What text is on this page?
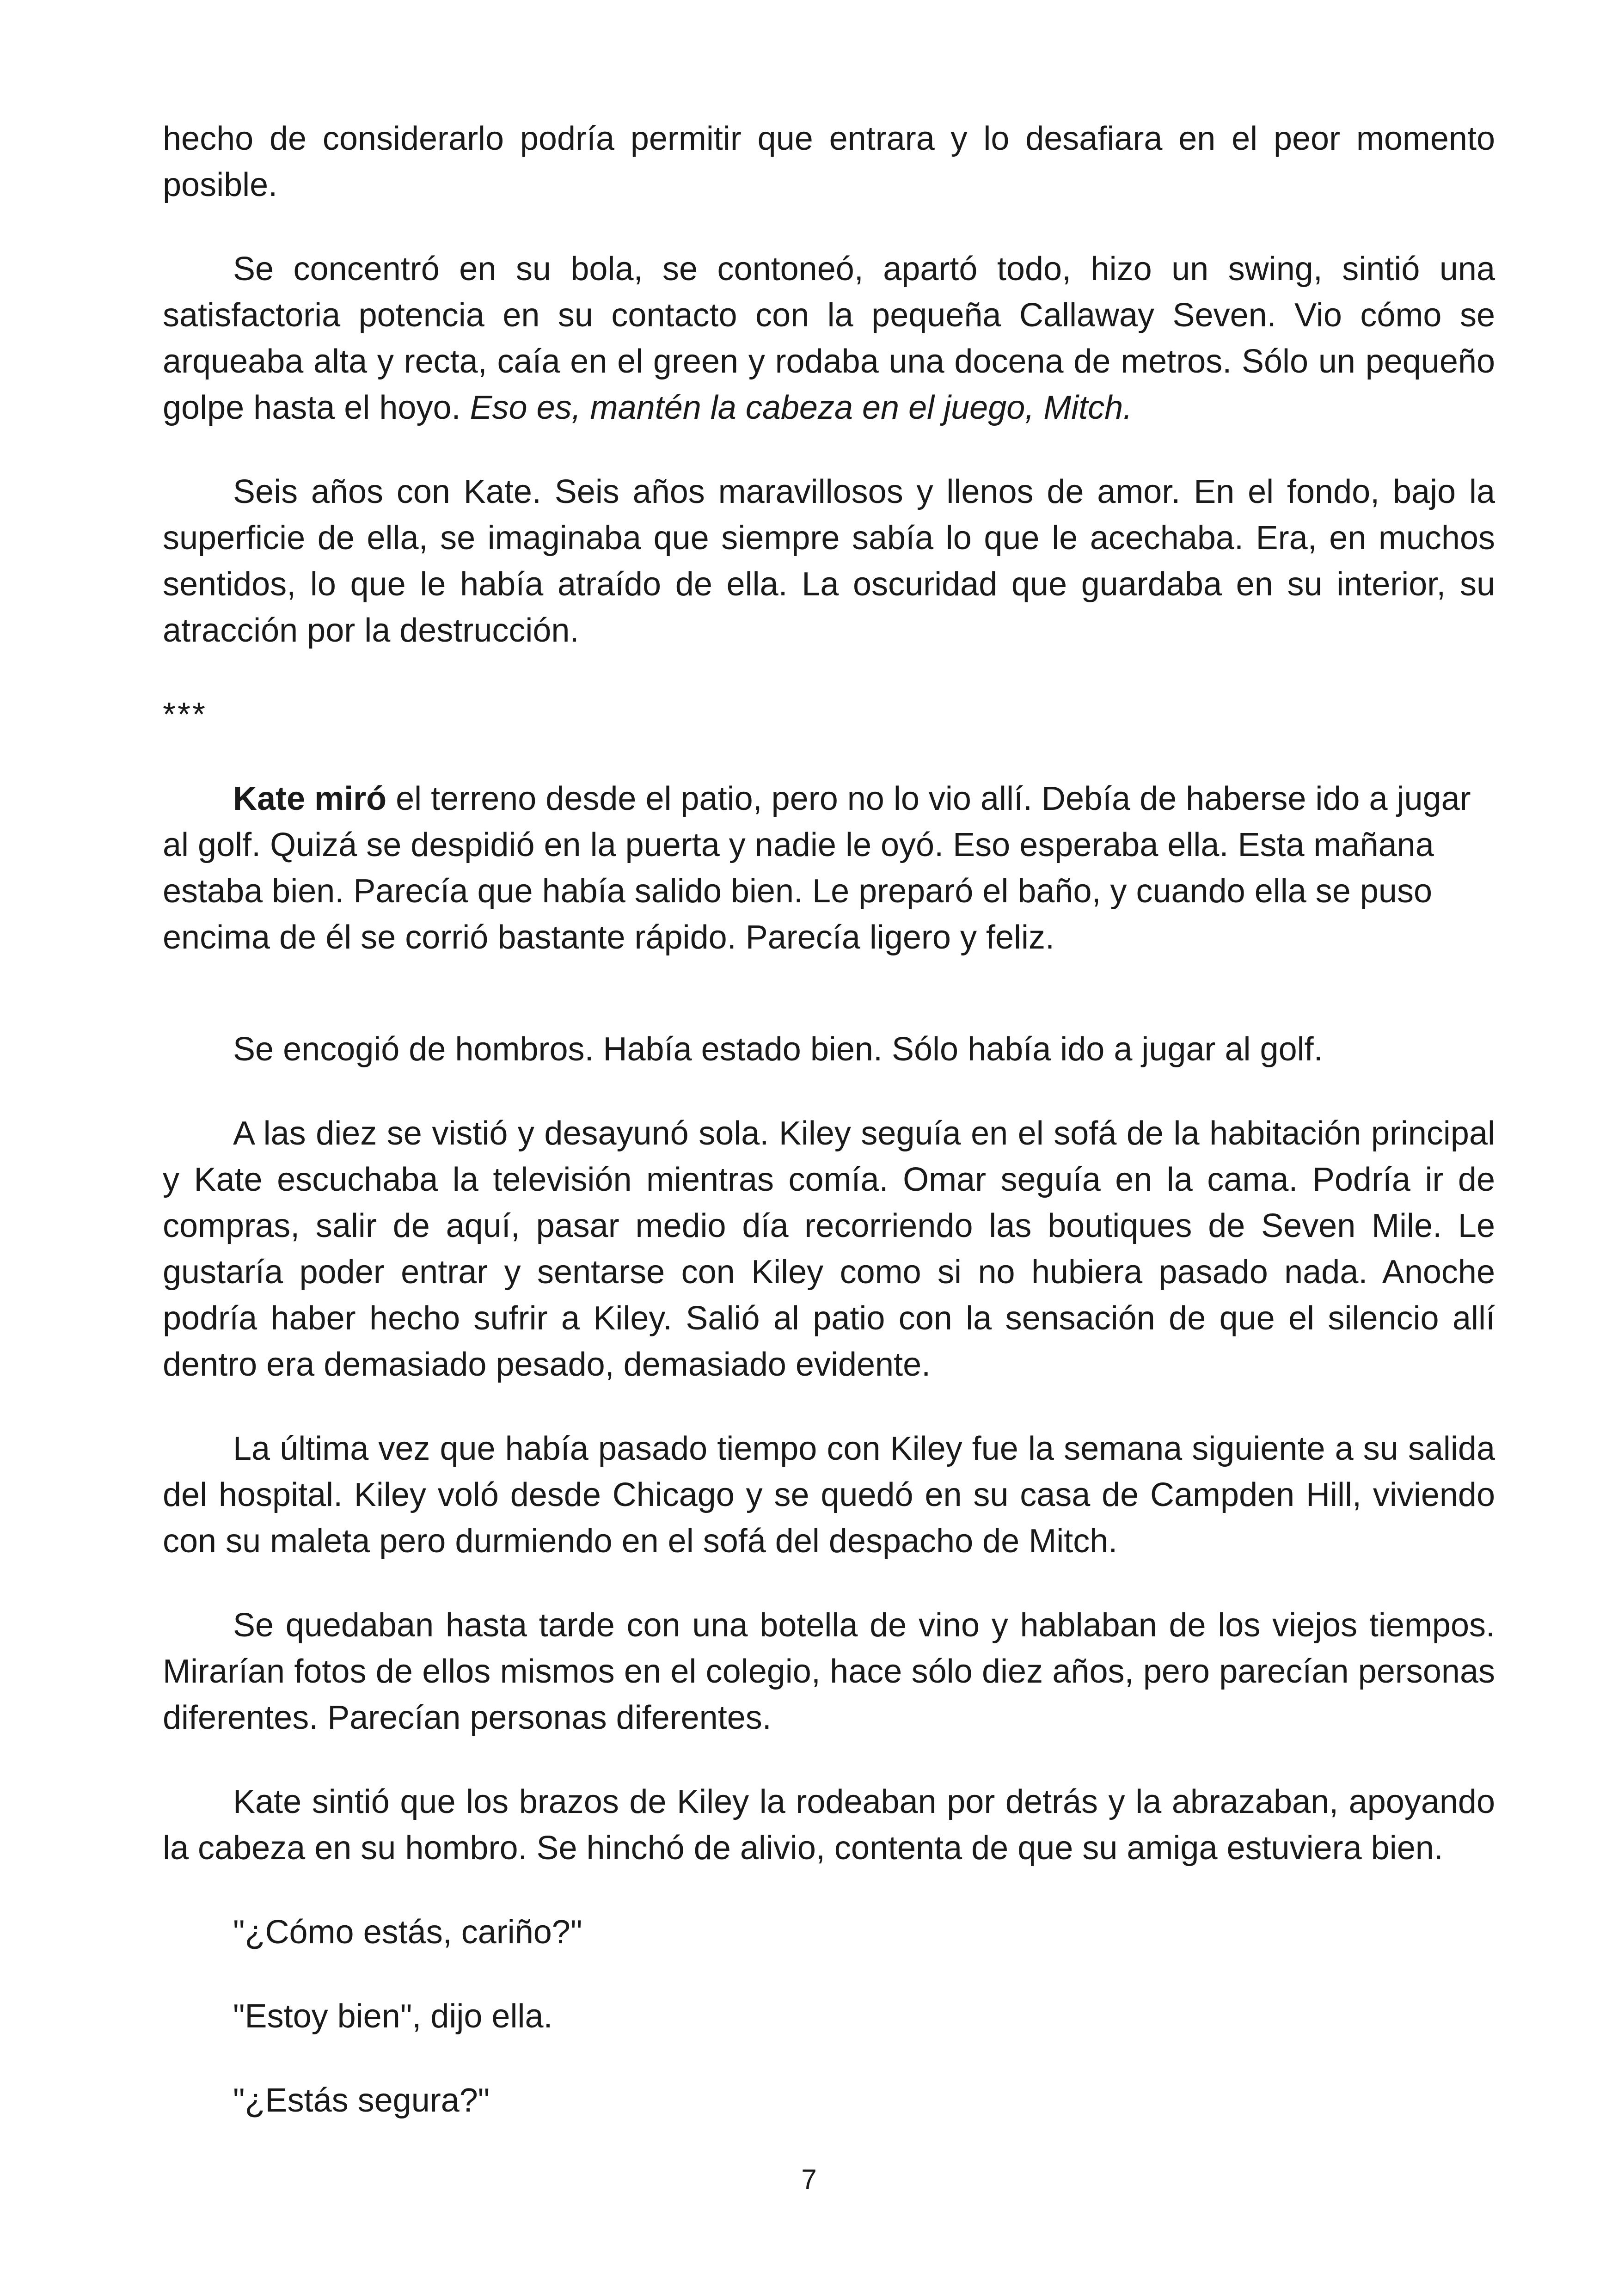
hecho de considerarlo podría permitir que entrara y lo desafiara en el peor momento posible.

Se concentró en su bola, se contoneó, apartó todo, hizo un swing, sintió una satisfactoria potencia en su contacto con la pequeña Callaway Seven. Vio cómo se arqueaba alta y recta, caía en el green y rodaba una docena de metros. Sólo un pequeño golpe hasta el hoyo. Eso es, mantén la cabeza en el juego, Mitch.

Seis años con Kate. Seis años maravillosos y llenos de amor. En el fondo, bajo la superficie de ella, se imaginaba que siempre sabía lo que le acechaba. Era, en muchos sentidos, lo que le había atraído de ella. La oscuridad que guardaba en su interior, su atracción por la destrucción.

***

Kate miró el terreno desde el patio, pero no lo vio allí. Debía de haberse ido a jugar al golf. Quizá se despidió en la puerta y nadie le oyó. Eso esperaba ella. Esta mañana estaba bien. Parecía que había salido bien. Le preparó el baño, y cuando ella se puso encima de él se corrió bastante rápido. Parecía ligero y feliz.

Se encogió de hombros. Había estado bien. Sólo había ido a jugar al golf.

A las diez se vistió y desayunó sola. Kiley seguía en el sofá de la habitación principal y Kate escuchaba la televisión mientras comía. Omar seguía en la cama. Podría ir de compras, salir de aquí, pasar medio día recorriendo las boutiques de Seven Mile. Le gustaría poder entrar y sentarse con Kiley como si no hubiera pasado nada. Anoche podría haber hecho sufrir a Kiley. Salió al patio con la sensación de que el silencio allí dentro era demasiado pesado, demasiado evidente.

La última vez que había pasado tiempo con Kiley fue la semana siguiente a su salida del hospital. Kiley voló desde Chicago y se quedó en su casa de Campden Hill, viviendo con su maleta pero durmiendo en el sofá del despacho de Mitch.

Se quedaban hasta tarde con una botella de vino y hablaban de los viejos tiempos. Mirarían fotos de ellos mismos en el colegio, hace sólo diez años, pero parecían personas diferentes. Parecían personas diferentes.

Kate sintió que los brazos de Kiley la rodeaban por detrás y la abrazaban, apoyando la cabeza en su hombro. Se hinchó de alivio, contenta de que su amiga estuviera bien.

"¿Cómo estás, cariño?"

"Estoy bien", dijo ella.

"¿Estás segura?"

7
